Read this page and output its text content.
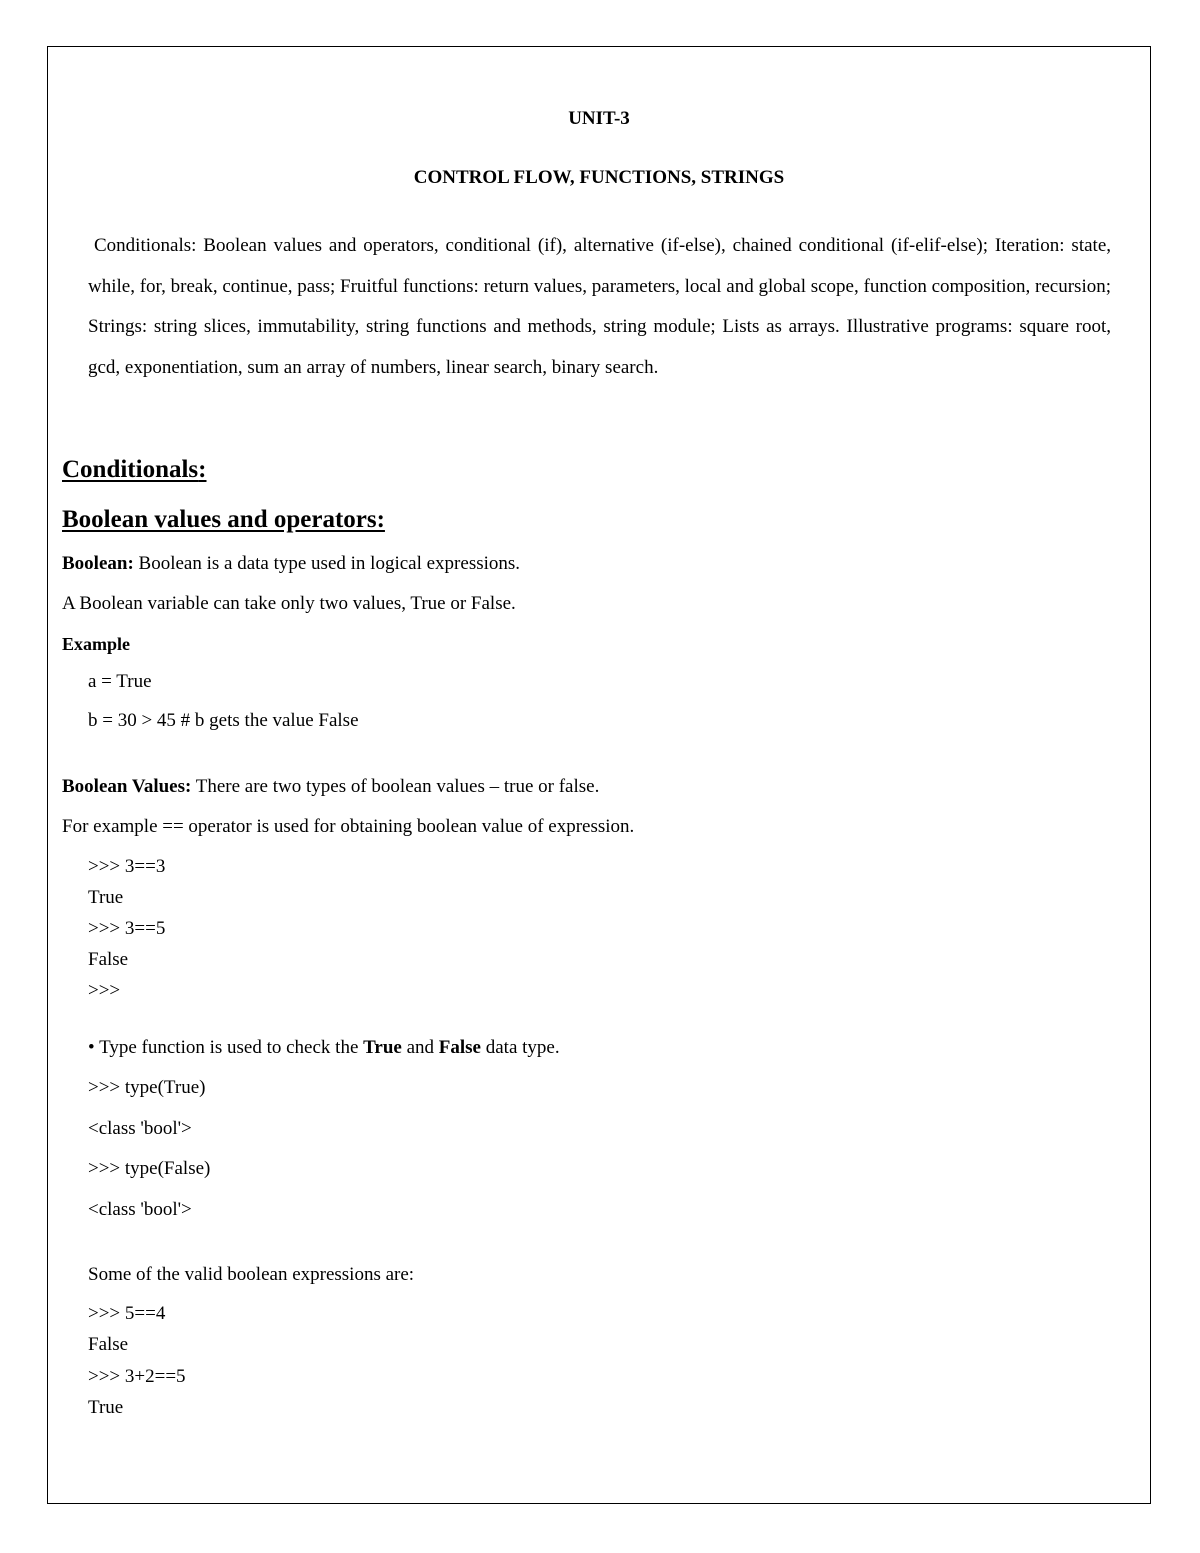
UNIT-3
CONTROL FLOW, FUNCTIONS, STRINGS
Conditionals: Boolean values and operators, conditional (if), alternative (if-else), chained conditional (if-elif-else); Iteration: state, while, for, break, continue, pass; Fruitful functions: return values, parameters, local and global scope, function composition, recursion; Strings: string slices, immutability, string functions and methods, string module; Lists as arrays. Illustrative programs: square root, gcd, exponentiation, sum an array of numbers, linear search, binary search.
Conditionals:
Boolean values and operators:
Boolean: Boolean is a data type used in logical expressions.
A Boolean variable can take only two values, True or False.
Example
a = True
b = 30 > 45 # b gets the value False
Boolean Values: There are two types of boolean values – true or false.
For example == operator is used for obtaining boolean value of expression.
>>> 3==3
True
>>> 3==5
False
>>>
• Type function is used to check the True and False data type.
>>> type(True)
<class 'bool'>
>>> type(False)
<class 'bool'>
Some of the valid boolean expressions are:
>>> 5==4
False
>>> 3+2==5
True
